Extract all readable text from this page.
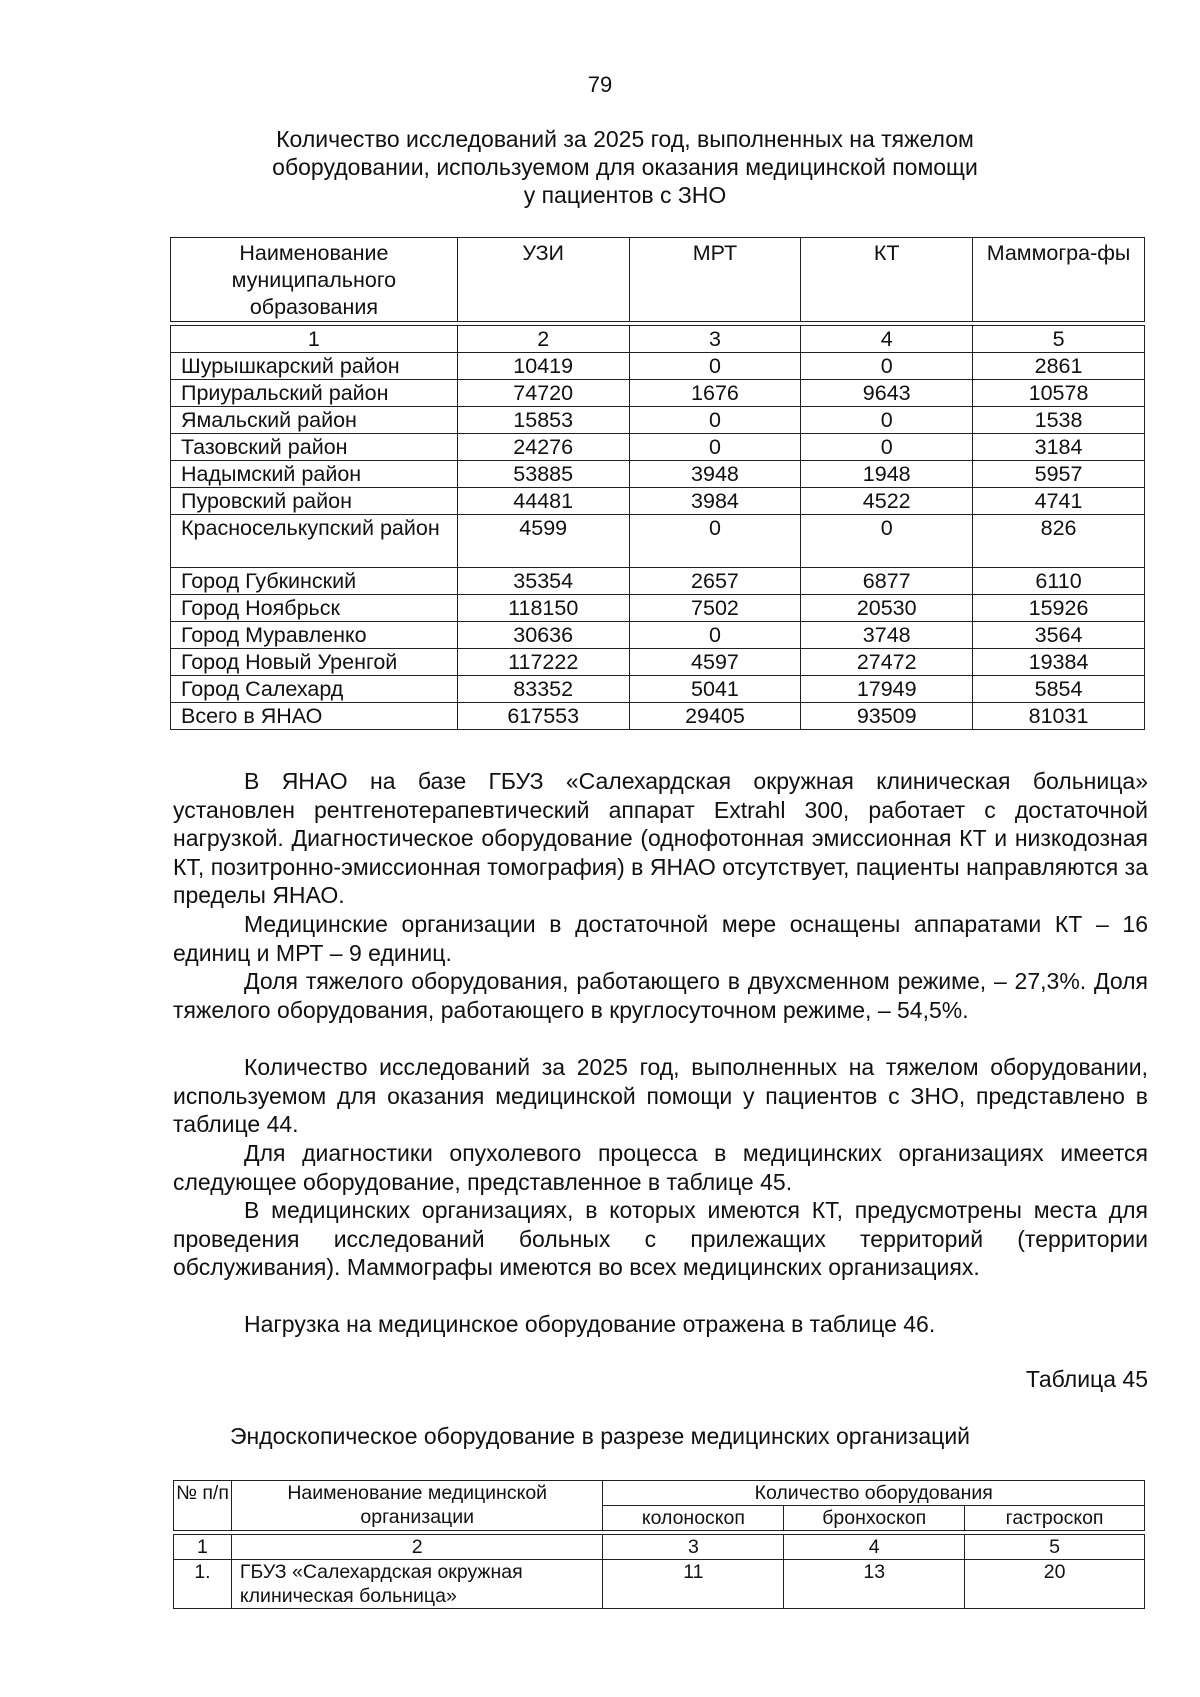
79
Количество исследований за 2025 год, выполненных на тяжелом
оборудовании, используемом для оказания медицинской помощи
у пациентов с ЗНО
Наименование муниципального образования	УЗИ	МРТ	КТ	Маммогра-фы

1	2	3	4	5
Шурышкарский район	10419	0	0	2861
Приуральский район	74720	1676	9643	10578
Ямальский район	15853	0	0	1538
Тазовский район	24276	0	0	3184
Надымский район	53885	3948	1948	5957
Пуровский район	44481	3984	4522	4741
Красноселькупский район	4599	0	0	826
Город Губкинский	35354	2657	6877	6110
Город Ноябрьск	118150	7502	20530	15926
Город Муравленко	30636	0	3748	3564
Город Новый Уренгой	117222	4597	27472	19384
Город Салехард	83352	5041	17949	5854
Всего в ЯНАО	617553	29405	93509	81031
В ЯНАО на базе ГБУЗ «Салехардская окружная клиническая больница» установлен рентгенотерапевтический аппарат Extrahl 300, работает с достаточной нагрузкой. Диагностическое оборудование (однофотонная эмиссионная КТ и низкодозная КТ, позитронно-эмиссионная томография) в ЯНАО отсутствует, пациенты направляются за пределы ЯНАО.
Медицинские организации в достаточной мере оснащены аппаратами КТ – 16 единиц и МРТ – 9 единиц.
Доля тяжелого оборудования, работающего в двухсменном режиме, – 27,3%. Доля тяжелого оборудования, работающего в круглосуточном режиме, – 54,5%.
Количество исследований за 2025 год, выполненных на тяжелом оборудовании, используемом для оказания медицинской помощи у пациентов с ЗНО, представлено в таблице 44.
Для диагностики опухолевого процесса в медицинских организациях имеется следующее оборудование, представленное в таблице 45.
В медицинских организациях, в которых имеются КТ, предусмотрены места для проведения исследований больных с прилежащих территорий (территории обслуживания). Маммографы имеются во всех медицинских организациях.
Нагрузка на медицинское оборудование отражена в таблице 46.
Таблица 45
Эндоскопическое оборудование в разрезе медицинских организаций
№ п/п	Наименование медицинской организации	Количество оборудования		
		колоноскоп	бронхоскоп	гастроскоп

1	2	3	4	5
1.	ГБУЗ «Салехардская окружная клиническая больница»	11	13	20
